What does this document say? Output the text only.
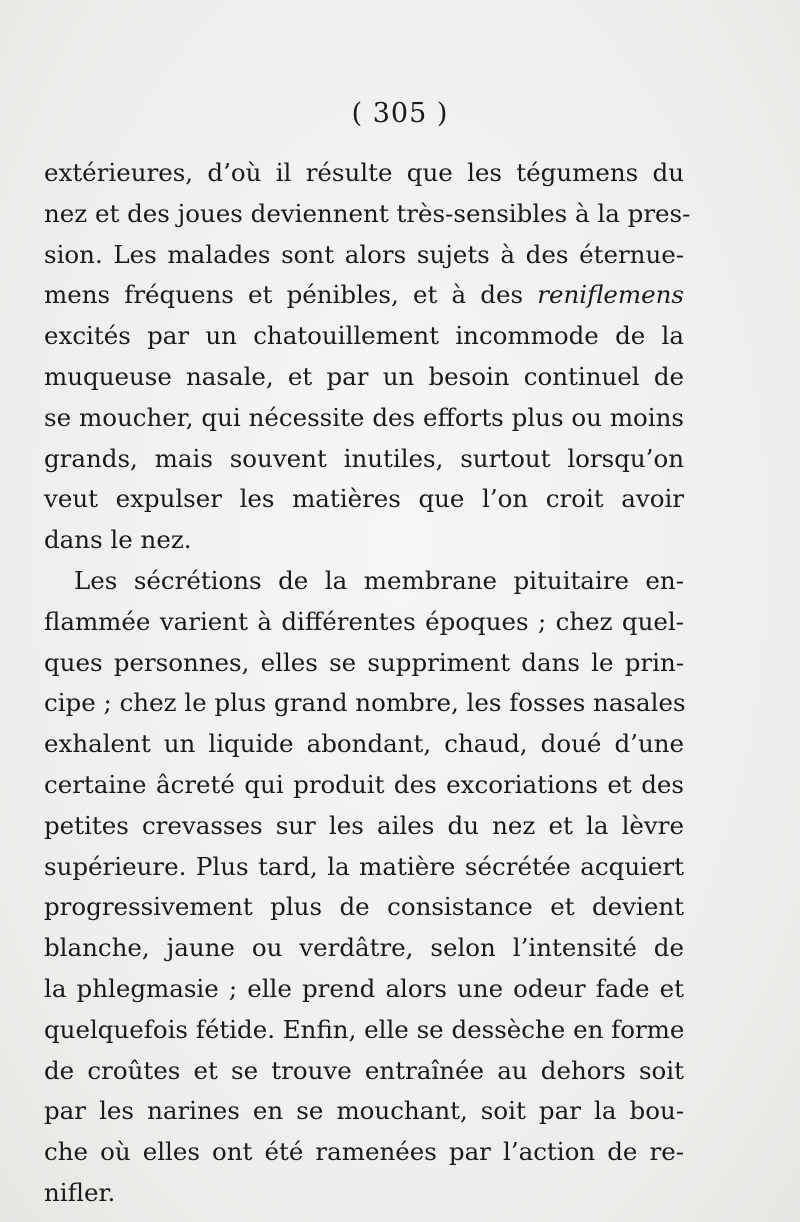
( 305 )
extérieures, d’où il résulte que les tégumens du
nez et des joues deviennent très-sensibles à la pres-
sion. Les malades sont alors sujets à des éternue-
mens fréquens et pénibles, et à des reniflemens
excités par un chatouillement incommode de la
muqueuse nasale, et par un besoin continuel de
se moucher, qui nécessite des efforts plus ou moins
grands, mais souvent inutiles, surtout lorsqu’on
veut expulser les matières que l’on croit avoir
dans le nez.
Les sécrétions de la membrane pituitaire en-
flammée varient à différentes époques ; chez quel-
ques personnes, elles se suppriment dans le prin-
cipe ; chez le plus grand nombre, les fosses nasales
exhalent un liquide abondant, chaud, doué d’une
certaine âcreté qui produit des excoriations et des
petites crevasses sur les ailes du nez et la lèvre
supérieure. Plus tard, la matière sécrétée acquiert
progressivement plus de consistance et devient
blanche, jaune ou verdâtre, selon l’intensité de
la phlegmasie ; elle prend alors une odeur fade et
quelquefois fétide. Enfin, elle se dessèche en forme
de croûtes et se trouve entraînée au dehors soit
par les narines en se mouchant, soit par la bou-
che où elles ont été ramenées par l’action de re-
nifler.
